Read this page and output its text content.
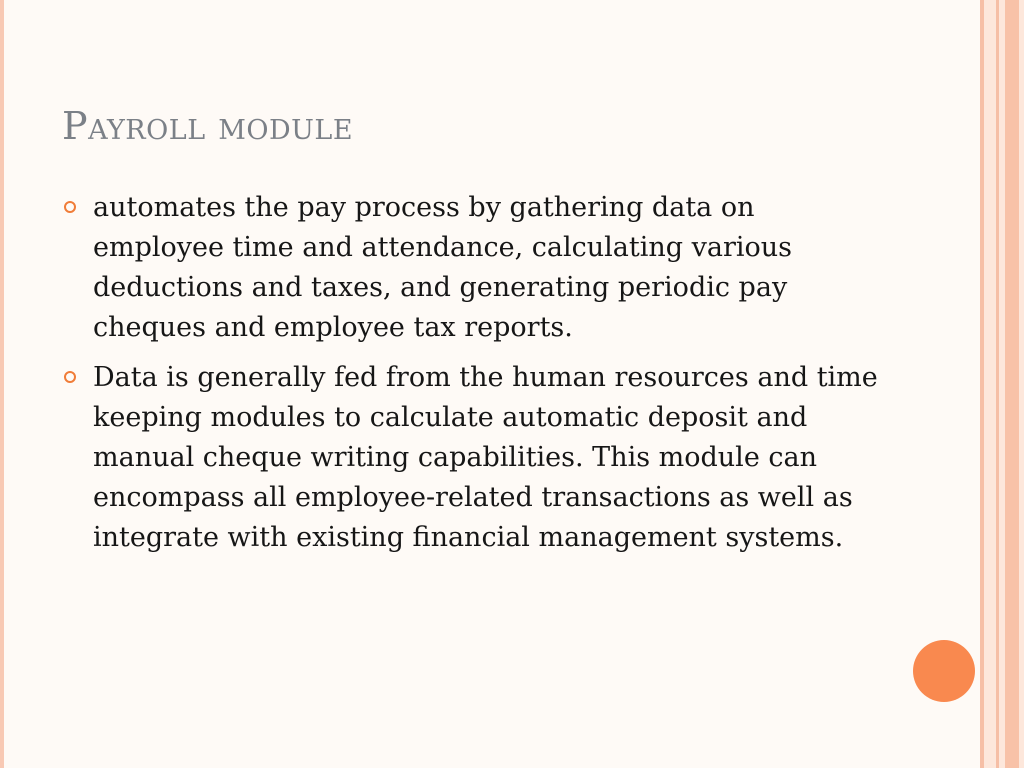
Payroll module
automates the pay process by gathering data on employee time and attendance, calculating various deductions and taxes, and generating periodic pay cheques and employee tax reports.
Data is generally fed from the human resources and time keeping modules to calculate automatic deposit and manual cheque writing capabilities. This module can encompass all employee-related transactions as well as integrate with existing financial management systems.
